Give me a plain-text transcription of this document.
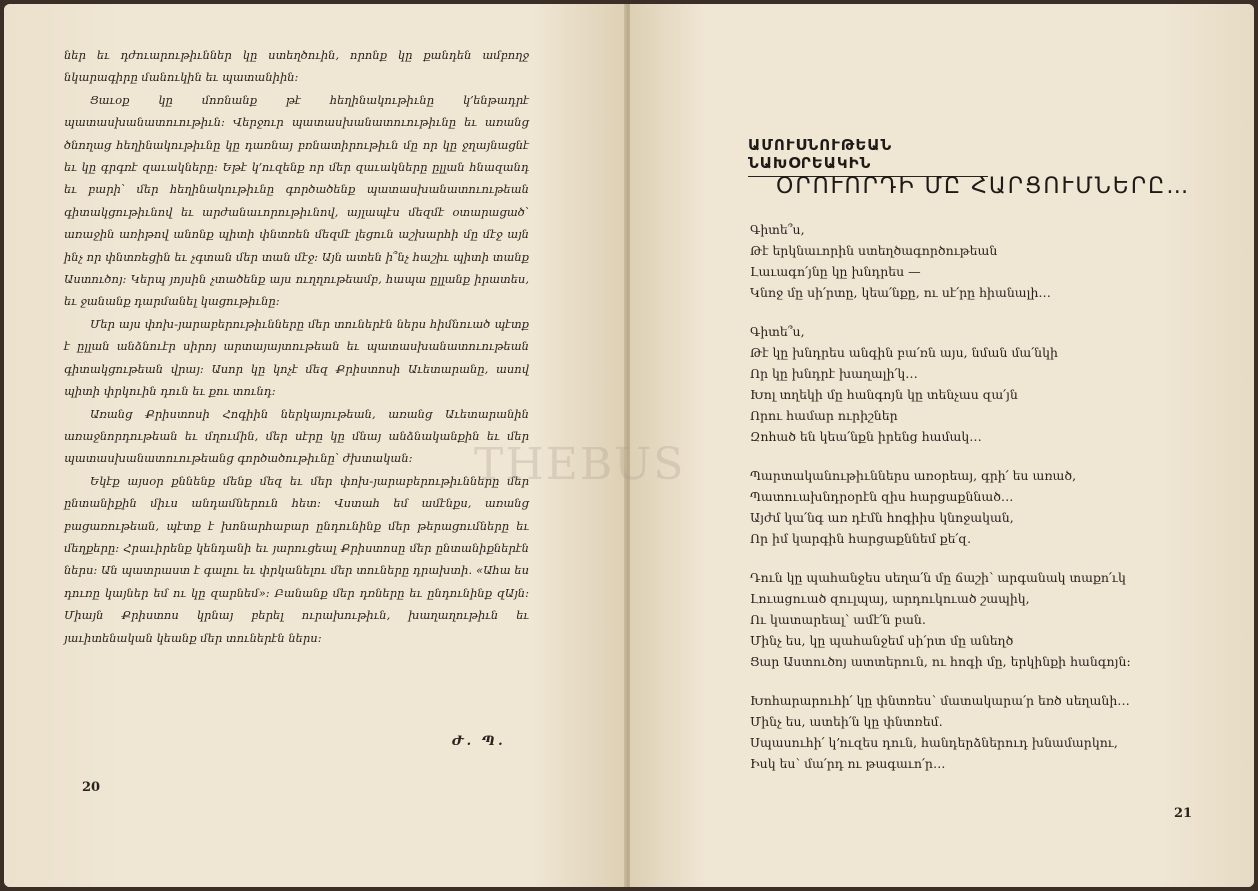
ներ եւ դժուարութիւններ կը ստեղծուին, որոնք կը քանդեն ամբողջ նկարագիրը մանուկին եւ պատանիին։

Ցաւօք կը մոռնանք թէ հեղինակութիւնը կ՚ենթադրէ պատասխանատուութիւն։ Վերջուր պատասխանատուութիւնը եւ առանց ծնողաց հեղինակութիւնը կը դառնայ բռնատիրութիւն մը որ կը ջղայնացնէ եւ կը գրգռէ զաւակները։ Եթէ կ՚ուզենք որ մեր զաւակները ըլլան հնազանդ եւ բարի՝ մեր հեղինակութիւնը գործածենք պատասխանատուութեան գիտակցութիւնով եւ արժանաւորութիւնով, այլապէս մեզմէ օտարացած՝ առաջին առիթով անոնք պիտի փնտռեն մեզմէ լեցուն աշխարհի մը մէջ այն ինչ որ փնտռեցին եւ չգտան մեր տան մէջ։ Այն ատեն ի՞նչ հաշիւ պիտի տանք Աստուծոյ։ Կերպ յոյսին չտածենք այս ուղղութեամբ, հապա ըլլանք իրատես, եւ ջանանք դարմանել կացութիւնը։

Մեր այս փոխ-յարաբերութիւնները մեր տուներէն ներս հիմնուած պէտք է ըլլան անձնուէր սիրոյ արտայայտութեան եւ պատասխանատուութեան գիտակցութեան վրայ։ Ասոր կը կոչէ մեզ Քրիստոսի Աւետարանը, ասով պիտի փրկուին դուն եւ քու տունդ։

Առանց Քրիստոսի Հոգիին ներկայութեան, առանց Աւետարանին առաջնորդութեան եւ մղումին, մեր սէրը կը մնայ անձնականքին եւ մեր պատասխանատուութեանց գործածութիւնը՝ ժխտական։

Եկէք այսօր քննենք մենք մեզ եւ մեր փոխ-յարաբերութիւնները մեր ընտանիքին միւս անդամներուն հետ։ Վստահ եմ ամէնքս, առանց բացառութեան, պէտք է խոնարհաբար ընդունինք մեր թերացումները եւ մեղքերը։ Հրաւիրենք կենդանի եւ յարուցեալ Քրիստոսը մեր ընտանիքներէն ներս։ Ան պատրաստ է գալու եւ փրկանելու մեր տուները դրախտի․ «Ահա ես դուռը կայներ եմ ու կը զարնեմ»։ Բանանք մեր դռները եւ ընդունինք զԱյն։ Միայն Քրիստոս կրնայ բերել ուրախութիւն, խաղաղութիւն եւ յաւիտենական կեանք մեր տուներէն ներս։

Ժ. Պ.
20
ԱՄՈՒՍՆՈՒԹԵԱՆ ՆԱԽՕՐԵԱԿԻՆ
ՕՐՈՒՈՐԴԻ ՄԸ ՀԱՐՑՈՒՄՆԵՐԸ…
Գիտե՞ս,
Թէ երկնաւորին ստեղծագործութեան
Լաւագո՛յնը կը խնդրես —
Կնոջ մը սի՛րտը, կեա՛նքը, ու սէ՛րը հիանալի․․․
Գիտե՞ս,
Թէ կը խնդրես անգին բա՛ռն այս, նման մա՛նկի
Որ կը խնդրէ խաղալի՛կ․․․
Խոլ տղեկի մը հանգոյն կը տենչաս զա՛յն
Որու համար ուրիշներ
Զոհած են կեա՛նքն իրենց համակ․․․
Պարտականութիւններս առօրեայ, գրի՛ ես առած,
Պատուախնդրօրէն զիս հարցաքննած․․․
Այժմ կա՛նգ առ դէմն հոգիիս կնոջական,
Որ իմ կարգին հարցաքննեմ քե՛զ․
Դուն կը պահանջես սեղա՛ն մը ճաշի՝ արգանակ տաքո՛ւկ
Լուացուած զուլպայ, արդուկուած շապիկ,
Ու կատարեալ՝ ամէ՛ն բան․
Մինչ ես, կը պահանջեմ սի՛րտ մը անեղծ
Ցար Աստուծոյ ատտերուն, ու հոգի մը, երկինքի հանգոյն։
Խոհարարուհի՛ կը փնտռես՝ մատակարա՛ր եռծ սեղանի․․․
Մինչ ես, ատեի՛ն կը փնտռեմ․
Սպասուհի՛ կ՚ուզես դուն, հանդերձներուդ խնամարկու,
Իսկ ես՝ մա՛րդ ու թագաւո՛ր․․․
21
THEBUS
